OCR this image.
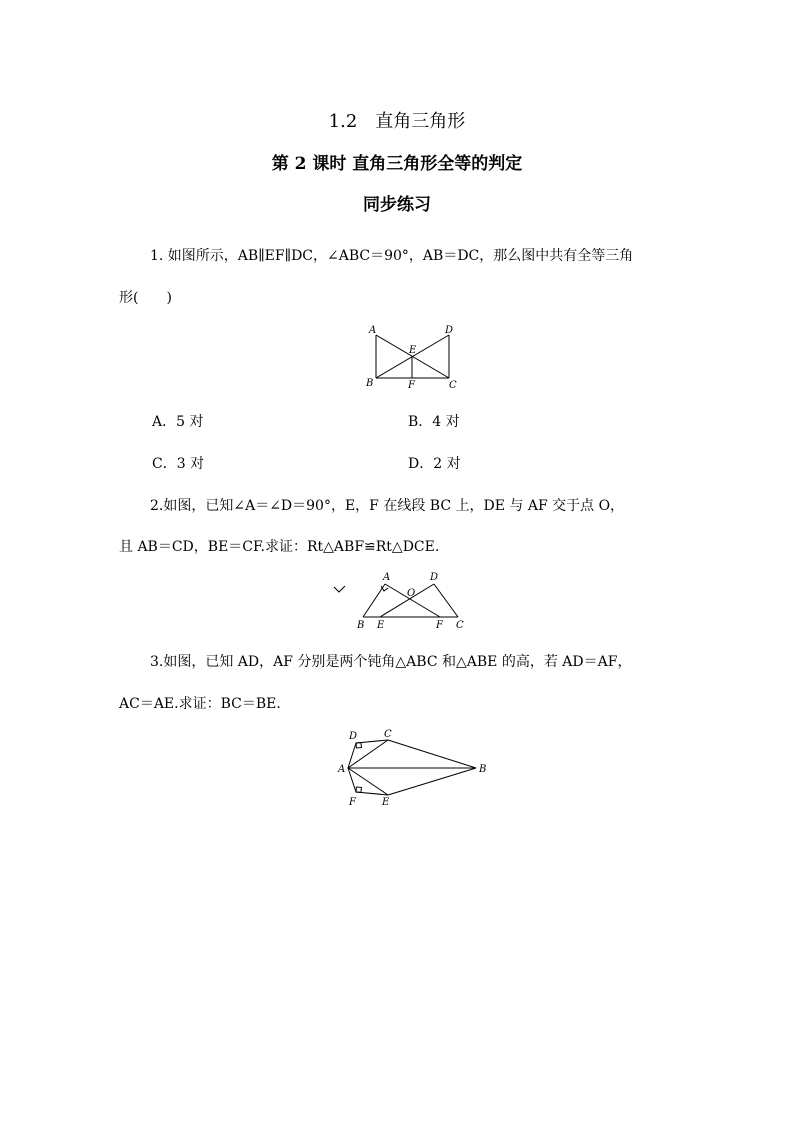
1.2　直角三角形
第 2 课时 直角三角形全等的判定
同步练习
1. 如图所示，AB∥EF∥DC，∠ABC＝90°，AB＝DC，那么图中共有全等三角
形(　　)
A	D
E
B	F	C
A．5 对	B．4 对
C．3 对	D．2 对
2.如图，已知∠A＝∠D＝90°，E，F 在线段 BC 上，DE 与 AF 交于点 O，
且 AB＝CD，BE＝CF.求证：Rt△ABF≌Rt△DCE.
A	D
O
B E	F C
3.如图，已知 AD，AF 分别是两个钝角△ABC 和△ABE 的高，若 AD＝AF，
AC＝AE.求证：BC＝BE.
D	C
A	B
F	E
